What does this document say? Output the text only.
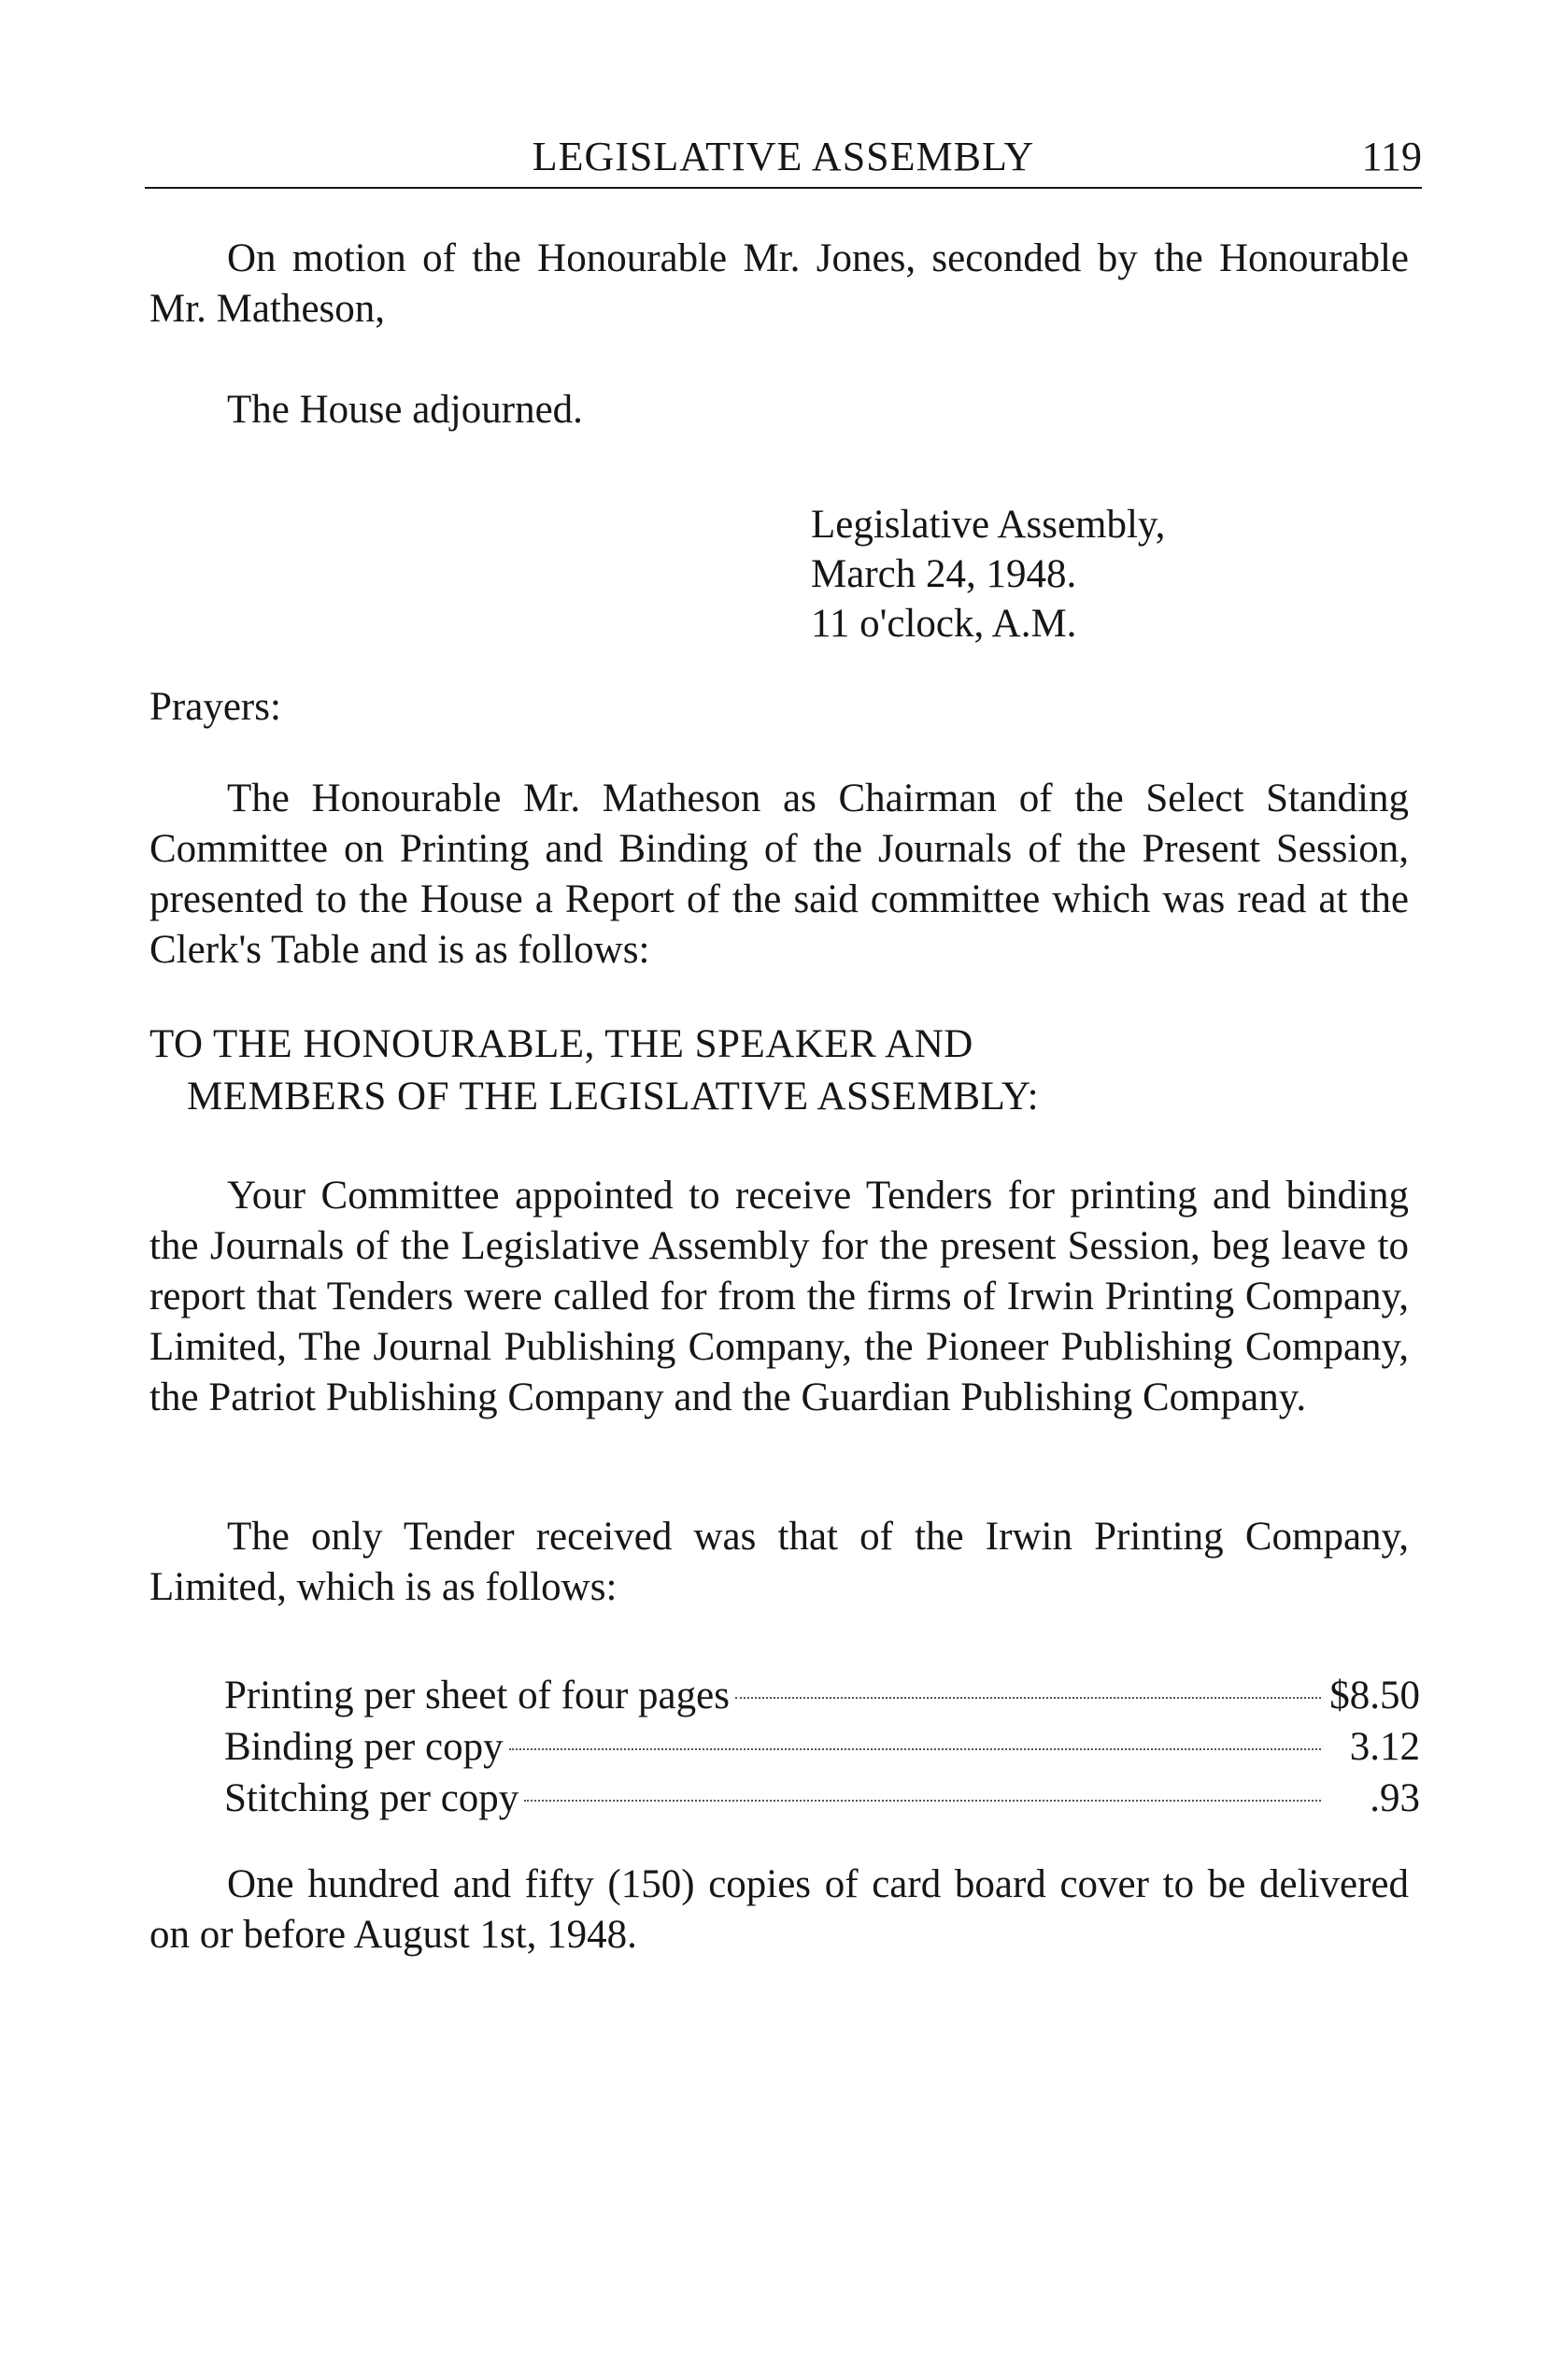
LEGISLATIVE ASSEMBLY	119

On motion of the Honourable Mr. Jones, seconded by the Honourable Mr. Matheson,

The House adjourned.

Legislative Assembly,
March 24, 1948.
11 o'clock, A.M.
Prayers:

The Honourable Mr. Matheson as Chairman of the Select Standing Committee on Printing and Binding of the Journals of the Present Session, presented to the House a Report of the said committee which was read at the Clerk's Table and is as follows:

TO THE HONOURABLE, THE SPEAKER AND
MEMBERS OF THE LEGISLATIVE ASSEMBLY:

Your Committee appointed to receive Tenders for printing and binding the Journals of the Legislative Assembly for the present Session, beg leave to report that Tenders were called for from the firms of Irwin Printing Company, Limited, The Journal Publishing Company, the Pioneer Publishing Company, the Patriot Publishing Company and the Guardian Publishing Company.

The only Tender received was that of the Irwin Printing Company, Limited, which is as follows:

Printing per sheet of four pages	$8.50
Binding per copy	3.12
Stitching per copy	.93

One hundred and fifty (150) copies of card board cover to be delivered on or before August 1st, 1948.
